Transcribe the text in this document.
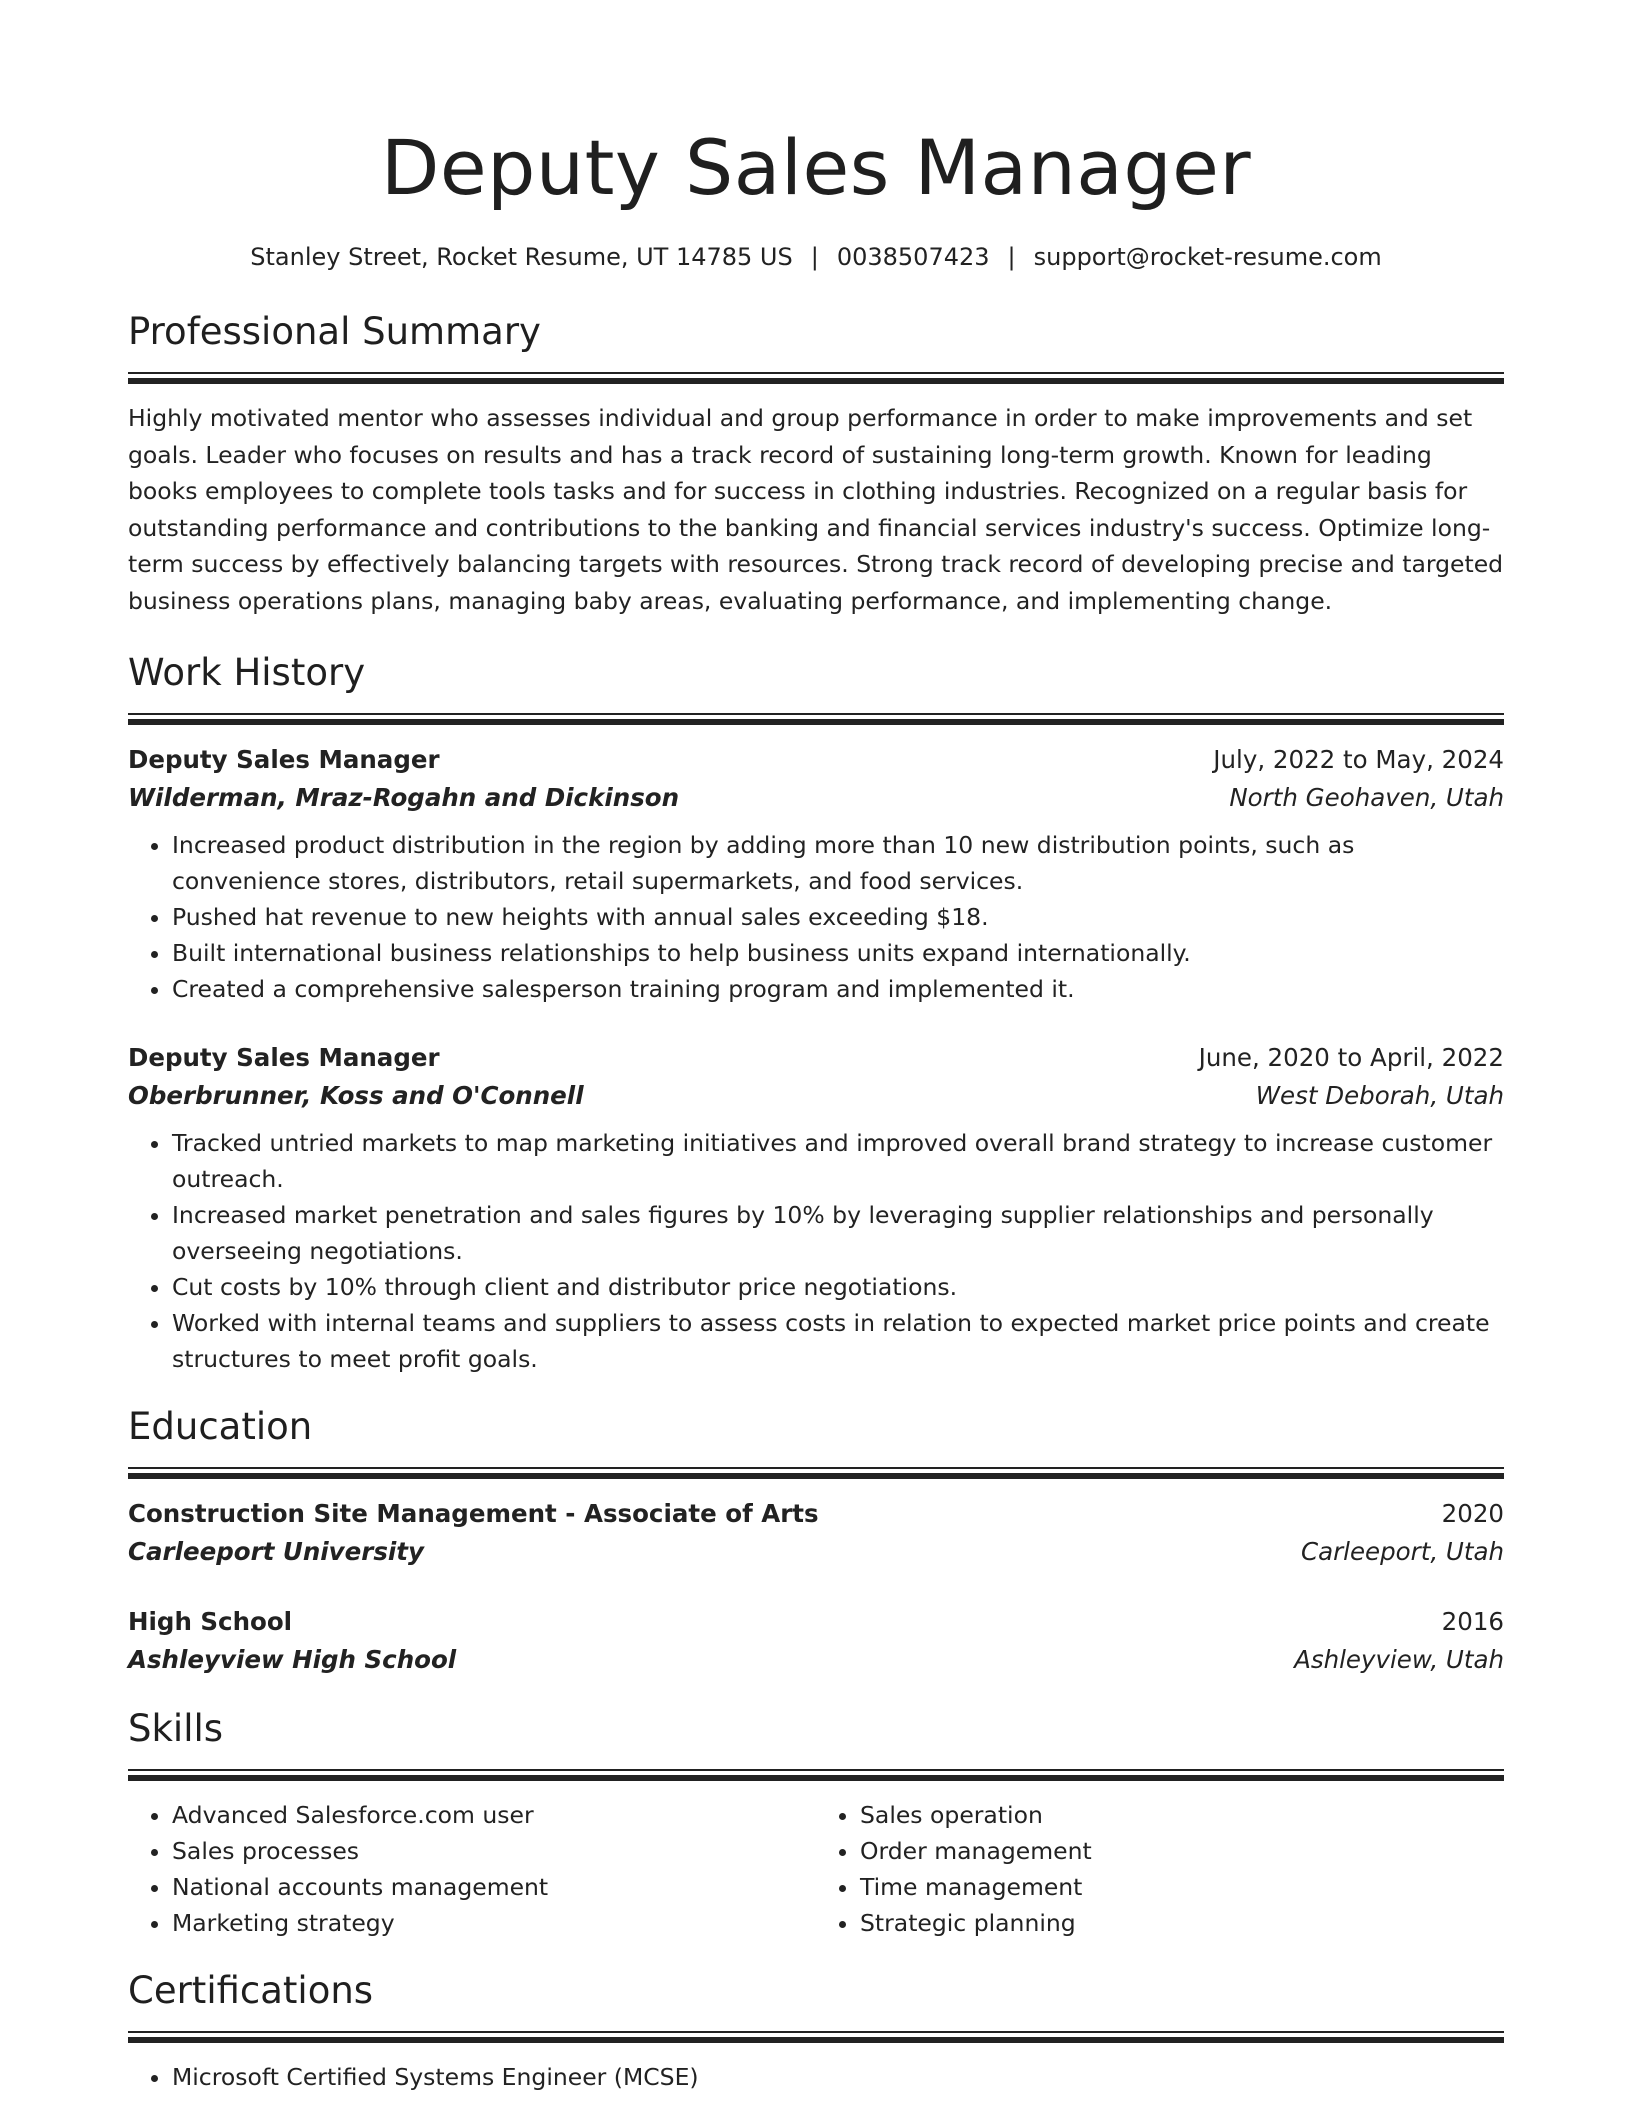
Deputy Sales Manager
Stanley Street, Rocket Resume, UT 14785 US | 0038507423 | support@rocket-resume.com
Professional Summary

Highly motivated mentor who assesses individual and group performance in order to make improvements and set goals. Leader who focuses on results and has a track record of sustaining long-term growth. Known for leading books employees to complete tools tasks and for success in clothing industries. Recognized on a regular basis for outstanding performance and contributions to the banking and financial services industry's success. Optimize long-term success by effectively balancing targets with resources. Strong track record of developing precise and targeted business operations plans, managing baby areas, evaluating performance, and implementing change.

Work History
Deputy Sales Manager	July, 2022 to May, 2024
Wilderman, Mraz-Rogahn and Dickinson	North Geohaven, Utah
• Increased product distribution in the region by adding more than 10 new distribution points, such as convenience stores, distributors, retail supermarkets, and food services.
• Pushed hat revenue to new heights with annual sales exceeding $18.
• Built international business relationships to help business units expand internationally.
• Created a comprehensive salesperson training program and implemented it.
Deputy Sales Manager	June, 2020 to April, 2022
Oberbrunner, Koss and O'Connell	West Deborah, Utah
• Tracked untried markets to map marketing initiatives and improved overall brand strategy to increase customer outreach.
• Increased market penetration and sales figures by 10% by leveraging supplier relationships and personally overseeing negotiations.
• Cut costs by 10% through client and distributor price negotiations.
• Worked with internal teams and suppliers to assess costs in relation to expected market price points and create structures to meet profit goals.
Education
Construction Site Management - Associate of Arts	2020
Carleeport University	Carleeport, Utah
High School	2016
Ashleyview High School	Ashleyview, Utah
Skills
• Advanced Salesforce.com user
• Sales processes
• National accounts management
• Marketing strategy
• Sales operation
• Order management
• Time management
• Strategic planning
Certifications
• Microsoft Certified Systems Engineer (MCSE)
